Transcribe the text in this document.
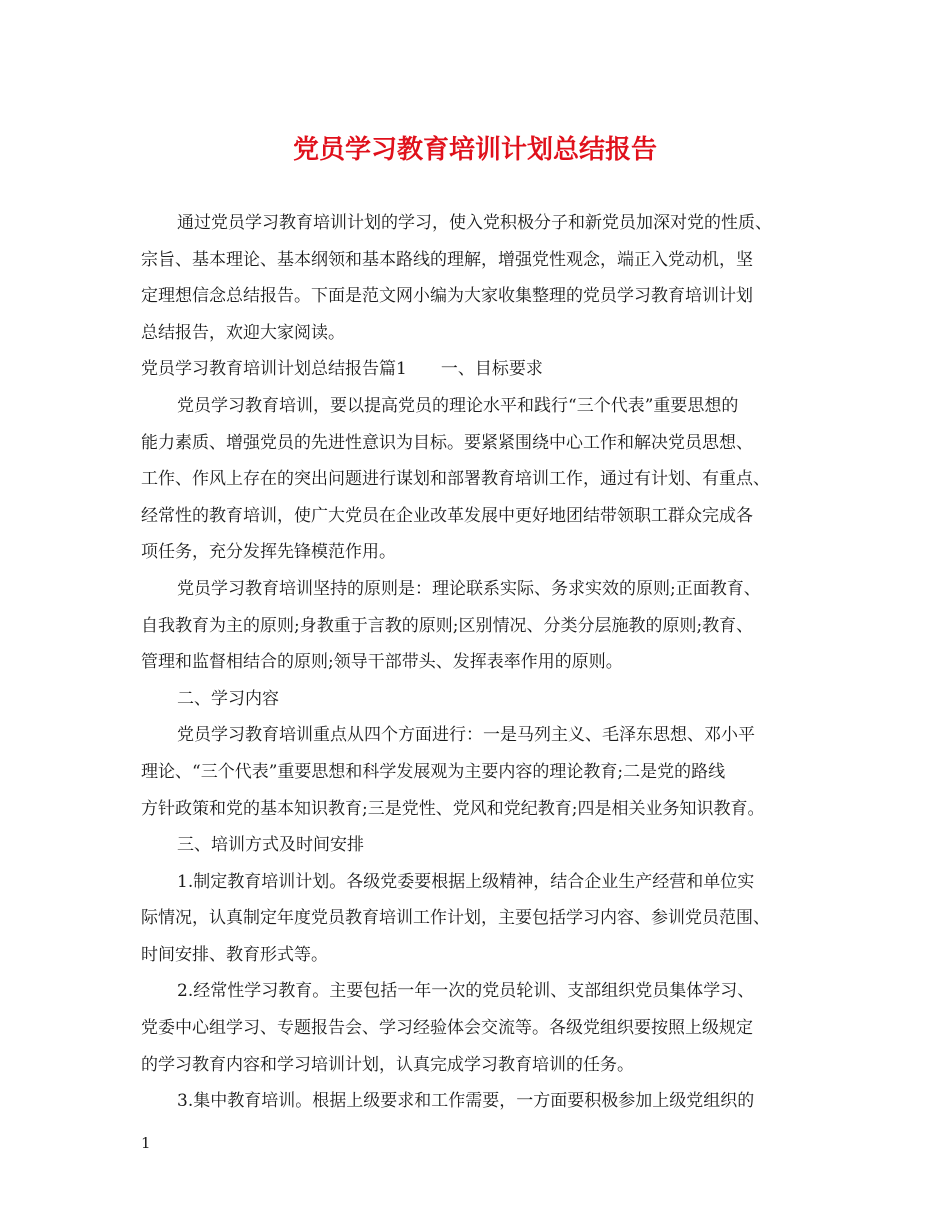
党员学习教育培训计划总结报告
通过党员学习教育培训计划的学习，使入党积极分子和新党员加深对党的性质、
宗旨、基本理论、基本纲领和基本路线的理解，增强党性观念，端正入党动机，坚
定理想信念总结报告。下面是范文网小编为大家收集整理的党员学习教育培训计划
总结报告，欢迎大家阅读。
党员学习教育培训计划总结报告篇1　　一、目标要求
党员学习教育培训，要以提高党员的理论水平和践行“三个代表”重要思想的
能力素质、增强党员的先进性意识为目标。要紧紧围绕中心工作和解决党员思想、
工作、作风上存在的突出问题进行谋划和部署教育培训工作，通过有计划、有重点、
经常性的教育培训，使广大党员在企业改革发展中更好地团结带领职工群众完成各
项任务，充分发挥先锋模范作用。
党员学习教育培训坚持的原则是：理论联系实际、务求实效的原则;正面教育、
自我教育为主的原则;身教重于言教的原则;区别情况、分类分层施教的原则;教育、
管理和监督相结合的原则;领导干部带头、发挥表率作用的原则。
二、学习内容
党员学习教育培训重点从四个方面进行：一是马列主义、毛泽东思想、邓小平
理论、“三个代表”重要思想和科学发展观为主要内容的理论教育;二是党的路线
方针政策和党的基本知识教育;三是党性、党风和党纪教育;四是相关业务知识教育。
三、培训方式及时间安排
1.制定教育培训计划。各级党委要根据上级精神，结合企业生产经营和单位实
际情况，认真制定年度党员教育培训工作计划，主要包括学习内容、参训党员范围、
时间安排、教育形式等。
2.经常性学习教育。主要包括一年一次的党员轮训、支部组织党员集体学习、
党委中心组学习、专题报告会、学习经验体会交流等。各级党组织要按照上级规定
的学习教育内容和学习培训计划，认真完成学习教育培训的任务。
3.集中教育培训。根据上级要求和工作需要，一方面要积极参加上级党组织的
1
